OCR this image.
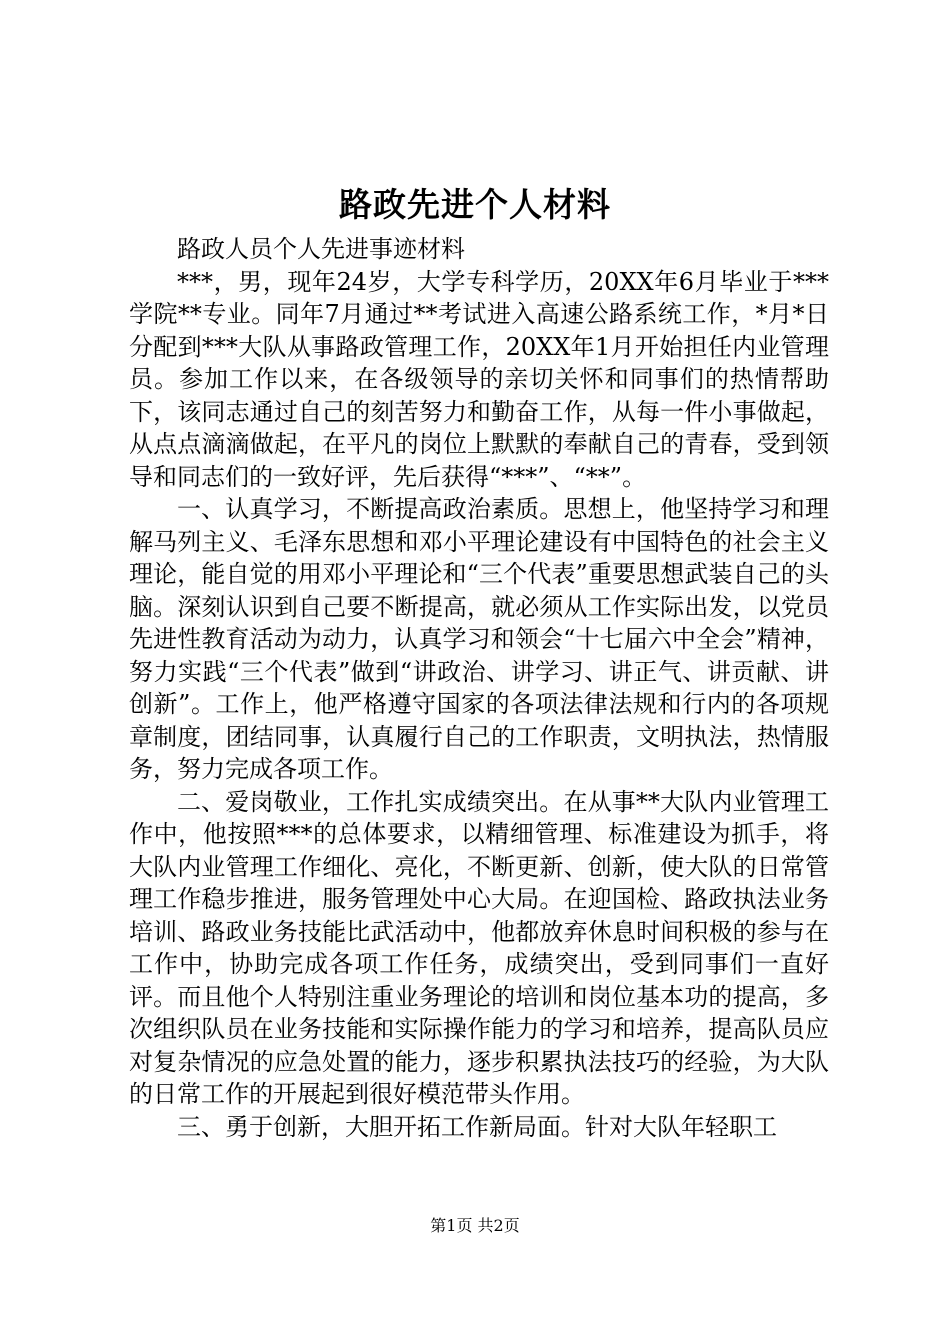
路政先进个人材料

路政人员个人先进事迹材料

***，男，现年24岁，大学专科学历，20XX年6月毕业于***学院**专业。同年7月通过**考试进入高速公路系统工作，*月*日分配到***大队从事路政管理工作，20XX年1月开始担任内业管理员。参加工作以来，在各级领导的亲切关怀和同事们的热情帮助下，该同志通过自己的刻苦努力和勤奋工作，从每一件小事做起，从点点滴滴做起，在平凡的岗位上默默的奉献自己的青春，受到领导和同志们的一致好评，先后获得“***”、“**”。

一、认真学习，不断提高政治素质。思想上，他坚持学习和理解马列主义、毛泽东思想和邓小平理论建设有中国特色的社会主义理论，能自觉的用邓小平理论和“三个代表”重要思想武装自己的头脑。深刻认识到自己要不断提高，就必须从工作实际出发，以党员先进性教育活动为动力，认真学习和领会“十七届六中全会”精神，努力实践“三个代表”做到“讲政治、讲学习、讲正气、讲贡献、讲创新”。工作上，他严格遵守国家的各项法律法规和行内的各项规章制度，团结同事，认真履行自己的工作职责，文明执法，热情服务，努力完成各项工作。

二、爱岗敬业，工作扎实成绩突出。在从事**大队内业管理工作中，他按照***的总体要求，以精细管理、标准建设为抓手，将大队内业管理工作细化、亮化，不断更新、创新，使大队的日常管理工作稳步推进，服务管理处中心大局。在迎国检、路政执法业务培训、路政业务技能比武活动中，他都放弃休息时间积极的参与在工作中，协助完成各项工作任务，成绩突出，受到同事们一直好评。而且他个人特别注重业务理论的培训和岗位基本功的提高，多次组织队员在业务技能和实际操作能力的学习和培养，提高队员应对复杂情况的应急处置的能力，逐步积累执法技巧的经验，为大队的日常工作的开展起到很好模范带头作用。

三、勇于创新，大胆开拓工作新局面。针对大队年轻职工

第1页 共2页
